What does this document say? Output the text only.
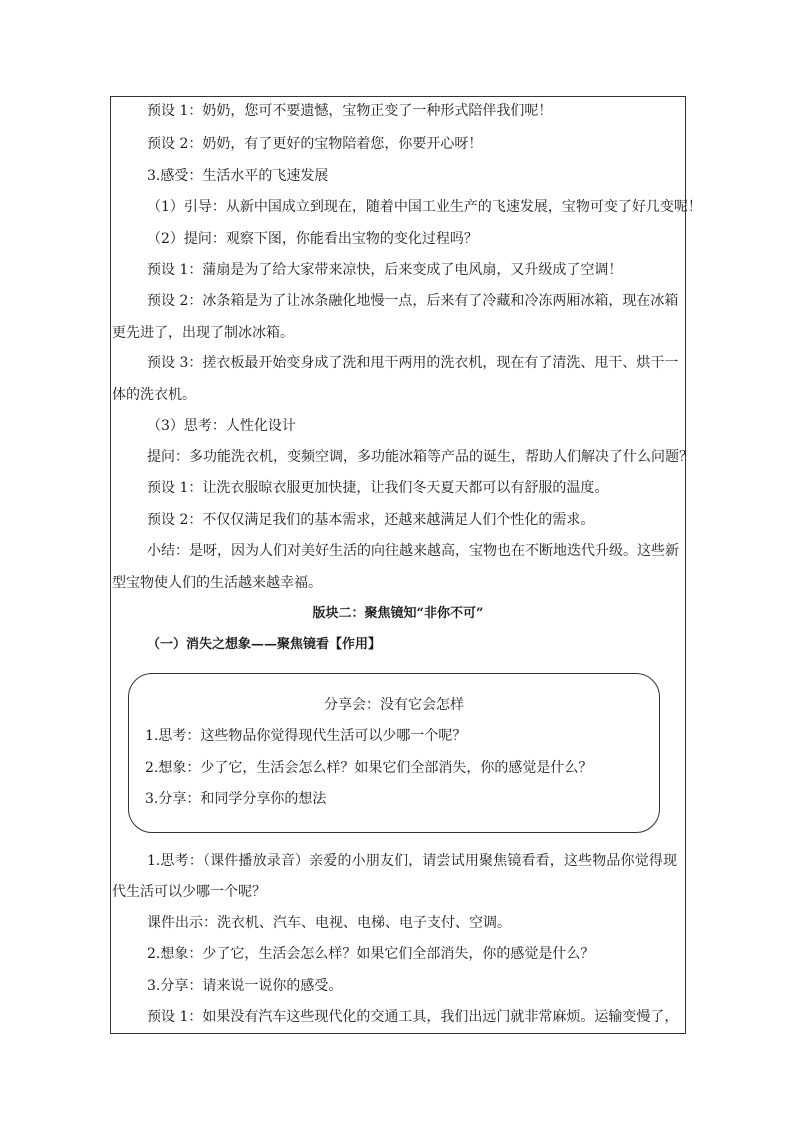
预设 1：奶奶，您可不要遗憾，宝物正变了一种形式陪伴我们呢！
预设 2：奶奶，有了更好的宝物陪着您，你要开心呀！
3.感受：生活水平的飞速发展
（1）引导：从新中国成立到现在，随着中国工业生产的飞速发展，宝物可变了好几变呢！
（2）提问：观察下图，你能看出宝物的变化过程吗？
预设 1：蒲扇是为了给大家带来凉快，后来变成了电风扇，又升级成了空调！
预设 2：冰条箱是为了让冰条融化地慢一点，后来有了冷藏和冷冻两厢冰箱，现在冰箱
更先进了，出现了制冰冰箱。
预设 3：搓衣板最开始变身成了洗和甩干两用的洗衣机，现在有了清洗、甩干、烘干一
体的洗衣机。
（3）思考：人性化设计
提问：多功能洗衣机，变频空调，多功能冰箱等产品的诞生，帮助人们解决了什么问题？
预设 1：让洗衣服晾衣服更加快捷，让我们冬天夏天都可以有舒服的温度。
预设 2：不仅仅满足我们的基本需求，还越来越满足人们个性化的需求。
小结：是呀，因为人们对美好生活的向往越来越高，宝物也在不断地迭代升级。这些新
型宝物使人们的生活越来越幸福。
版块二：聚焦镜知“非你不可”
（一）消失之想象——聚焦镜看【作用】
分享会：没有它会怎样
1.思考：这些物品你觉得现代生活可以少哪一个呢？
2.想象：少了它，生活会怎么样？如果它们全部消失，你的感觉是什么？
3.分享：和同学分享你的想法
1.思考：（课件播放录音）亲爱的小朋友们，请尝试用聚焦镜看看，这些物品你觉得现
代生活可以少哪一个呢？
课件出示：洗衣机、汽车、电视、电梯、电子支付、空调。
2.想象：少了它，生活会怎么样？如果它们全部消失，你的感觉是什么？
3.分享：请来说一说你的感受。
预设 1：如果没有汽车这些现代化的交通工具，我们出远门就非常麻烦。运输变慢了，
